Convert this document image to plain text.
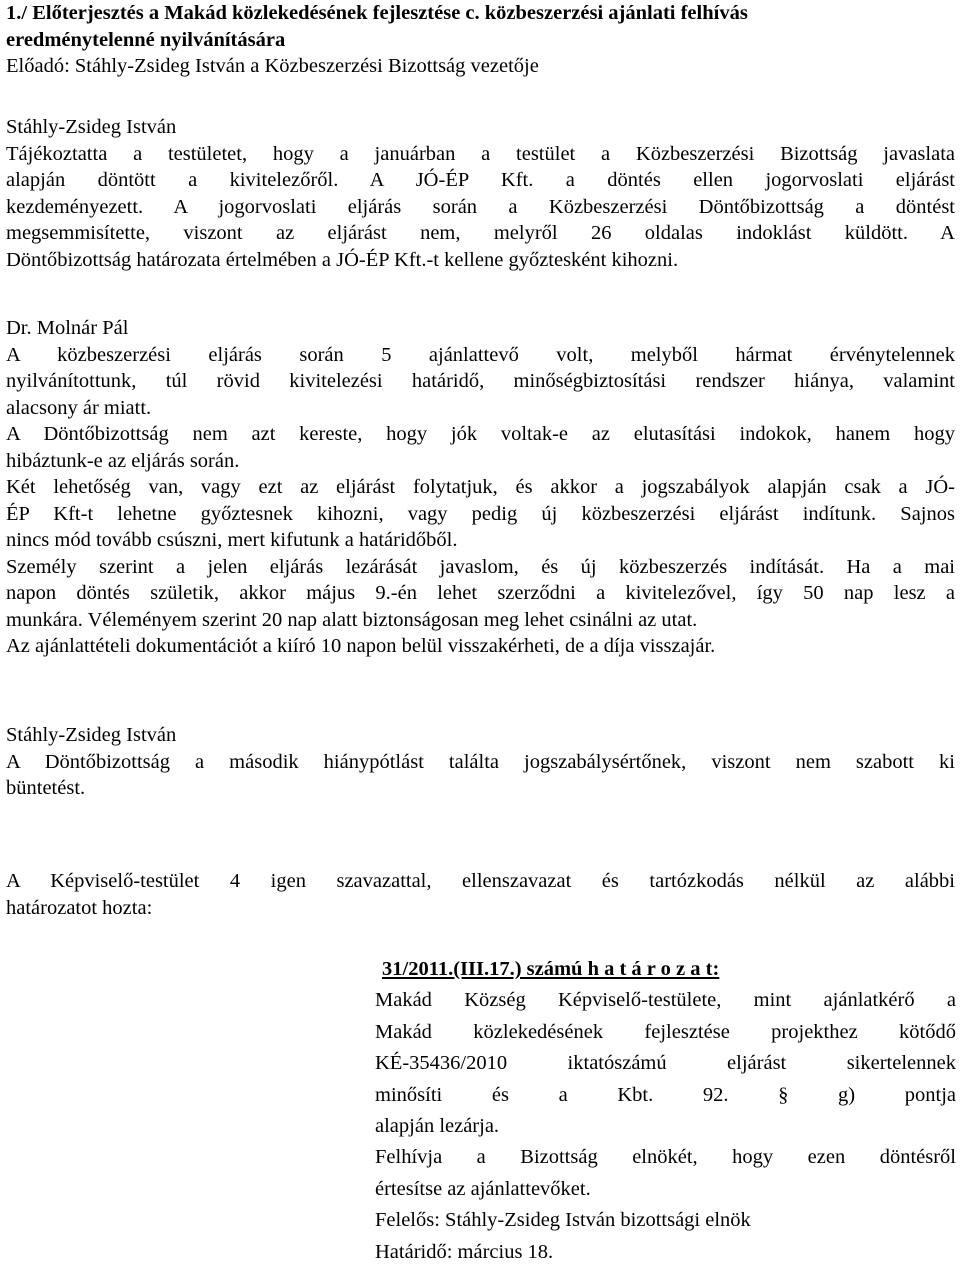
1./ Előterjesztés a Makád közlekedésének fejlesztése c. közbeszerzési ajánlati felhívás
eredménytelenné nyilvánítására
Előadó: Stáhly-Zsideg István a Közbeszerzési Bizottság vezetője
Stáhly-Zsideg István
Tájékoztatta a testületet, hogy a januárban a testület a Közbeszerzési Bizottság javaslata
alapján döntött a kivitelezőről. A JÓ-ÉP Kft. a döntés ellen jogorvoslati eljárást
kezdeményezett. A jogorvoslati eljárás során a Közbeszerzési Döntőbizottság a döntést
megsemmisítette, viszont az eljárást nem, melyről 26 oldalas indoklást küldött. A
Döntőbizottság határozata értelmében a JÓ-ÉP Kft.-t kellene győztesként kihozni.
Dr. Molnár Pál
A közbeszerzési eljárás során 5 ajánlattevő volt, melyből hármat érvénytelennek
nyilvánítottunk, túl rövid kivitelezési határidő, minőségbiztosítási rendszer hiánya, valamint
alacsony ár miatt.
A Döntőbizottság nem azt kereste, hogy jók voltak-e az elutasítási indokok, hanem hogy
hibáztunk-e az eljárás során.
Két lehetőség van, vagy ezt az eljárást folytatjuk, és akkor a jogszabályok alapján csak a JÓ-
ÉP Kft-t lehetne győztesnek kihozni, vagy pedig új közbeszerzési eljárást indítunk. Sajnos
nincs mód tovább csúszni, mert kifutunk a határidőből.
Személy szerint a jelen eljárás lezárását javaslom, és új közbeszerzés indítását. Ha a mai
napon döntés születik, akkor május 9.-én lehet szerződni a kivitelezővel, így 50 nap lesz a
munkára. Véleményem szerint 20 nap alatt biztonságosan meg lehet csinálni az utat.
Az ajánlattételi dokumentációt a kiíró 10 napon belül visszakérheti, de a díja visszajár.
Stáhly-Zsideg István
A Döntőbizottság a második hiánypótlást találta jogszabálysértőnek, viszont nem szabott ki
büntetést.
A Képviselő-testület 4 igen szavazattal, ellenszavazat és tartózkodás nélkül az alábbi
határozatot hozta:
31/2011.(III.17.) számú h a t á r o z a t:
Makád Község Képviselő-testülete, mint ajánlatkérő a
Makád közlekedésének fejlesztése projekthez kötődő
KÉ-35436/2010 iktatószámú eljárást sikertelennek
minősíti és a Kbt. 92. § g) pontja
alapján lezárja.
Felhívja a Bizottság elnökét, hogy ezen döntésről
értesítse az ajánlattevőket.
Felelős: Stáhly-Zsideg István bizottsági elnök
Határidő: március 18.
